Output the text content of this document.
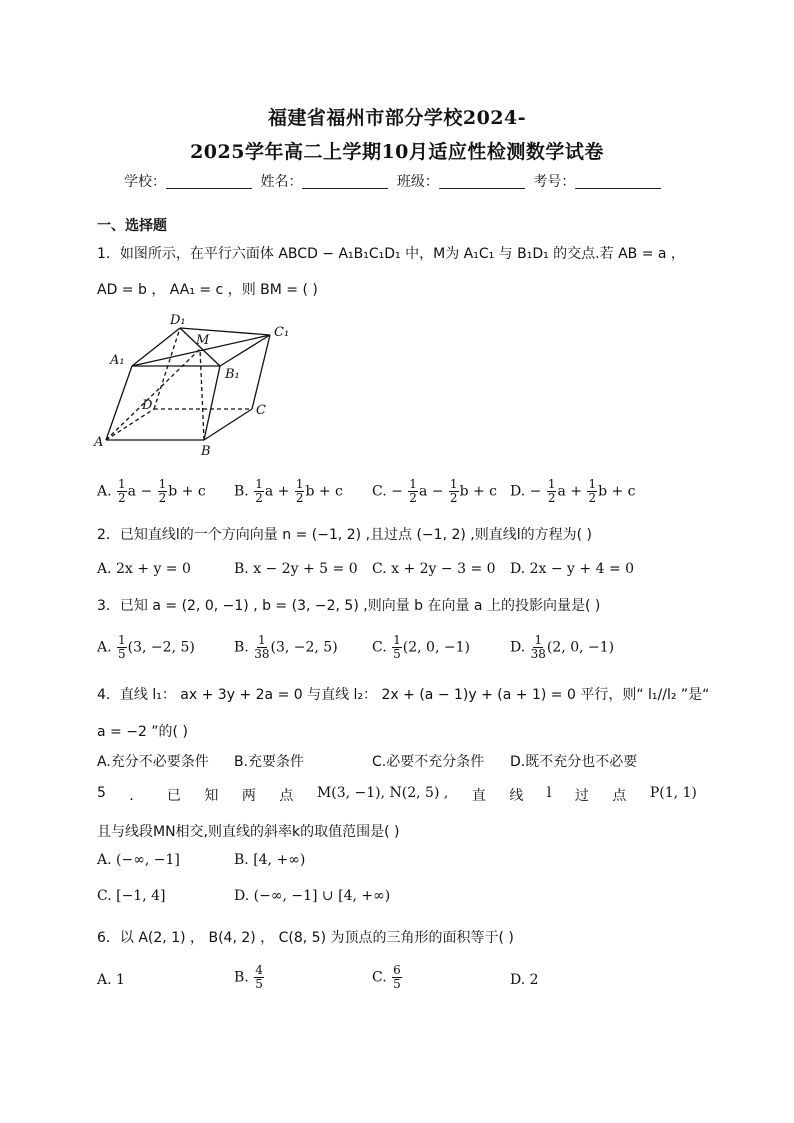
福建省福州市部分学校2024-
2025学年高二上学期10月适应性检测数学试卷
学校：	姓名：	班级：	考号：
一、选择题
1．如图所示，在平行六面体 ABCD − A₁B₁C₁D₁ 中，M为 A₁C₁ 与 B₁D₁ 的交点.若 AB = a ，
AD = b ， AA₁ = c ，则 BM = ( )
D₁
M
C₁
A₁
B₁
D	C
A
B
A. $\frac{1}{2}$ $a - \frac{1}{2}$ b + c B. $\frac{1}{2}$ $a + \frac{1}{2}$ b + c C. − $\frac{1}{2}$ $a - \frac{1}{2}$ b + c D. − $\frac{1}{2}$ $a + \frac{1}{2}$ b + c
2．已知直线l的一个方向向量 n = (−1, 2) ,且过点 (−1, 2) ,则直线l的方程为( )
A. 2x + y = 0	B. x − 2y + 5 = 0 C. x + 2y − 3 = 0 D. 2x − y + 4 = 0
3．已知 a = (2, 0, −1) , b = (3, −2, 5) ,则向量 b 在向量 a 上的投影向量是( )
A. $\frac{1}{5} (3$, −2, 5)	B. $\frac{1}{38} (3$, −2, 5) C. $\frac{1}{5} (2$, 0, −1)	D. $\frac{1}{38} (2$, 0, −1)
4．直线 l₁： ax + 3y + 2a = 0 与直线 l₂： 2x + (a − 1)y + (a + 1) = 0 平行，则“ l₁//l₂ ”是“
a = −2 ”的( )
A.充分不必要条件 B.充要条件	C.必要不充分条件 D.既不充分也不必要
5 ． 已 知 两 点 M(3, −1), N(2, 5) , 直 线 l 过 点 P(1, 1)
且与线段MN相交,则直线的斜率k的取值范围是( )
A. (−∞, −1]	B. [4, +∞)
C. [−1, 4]	D. (−∞, −1] ∪ [4, +∞)
6．以 A(2, 1) ， B(4, 2) ， C(8, 5) 为顶点的三角形的面积等于( )
A. 1	B. $\frac{4}{5}$	C. $\frac{6}{5}$	D. 2
